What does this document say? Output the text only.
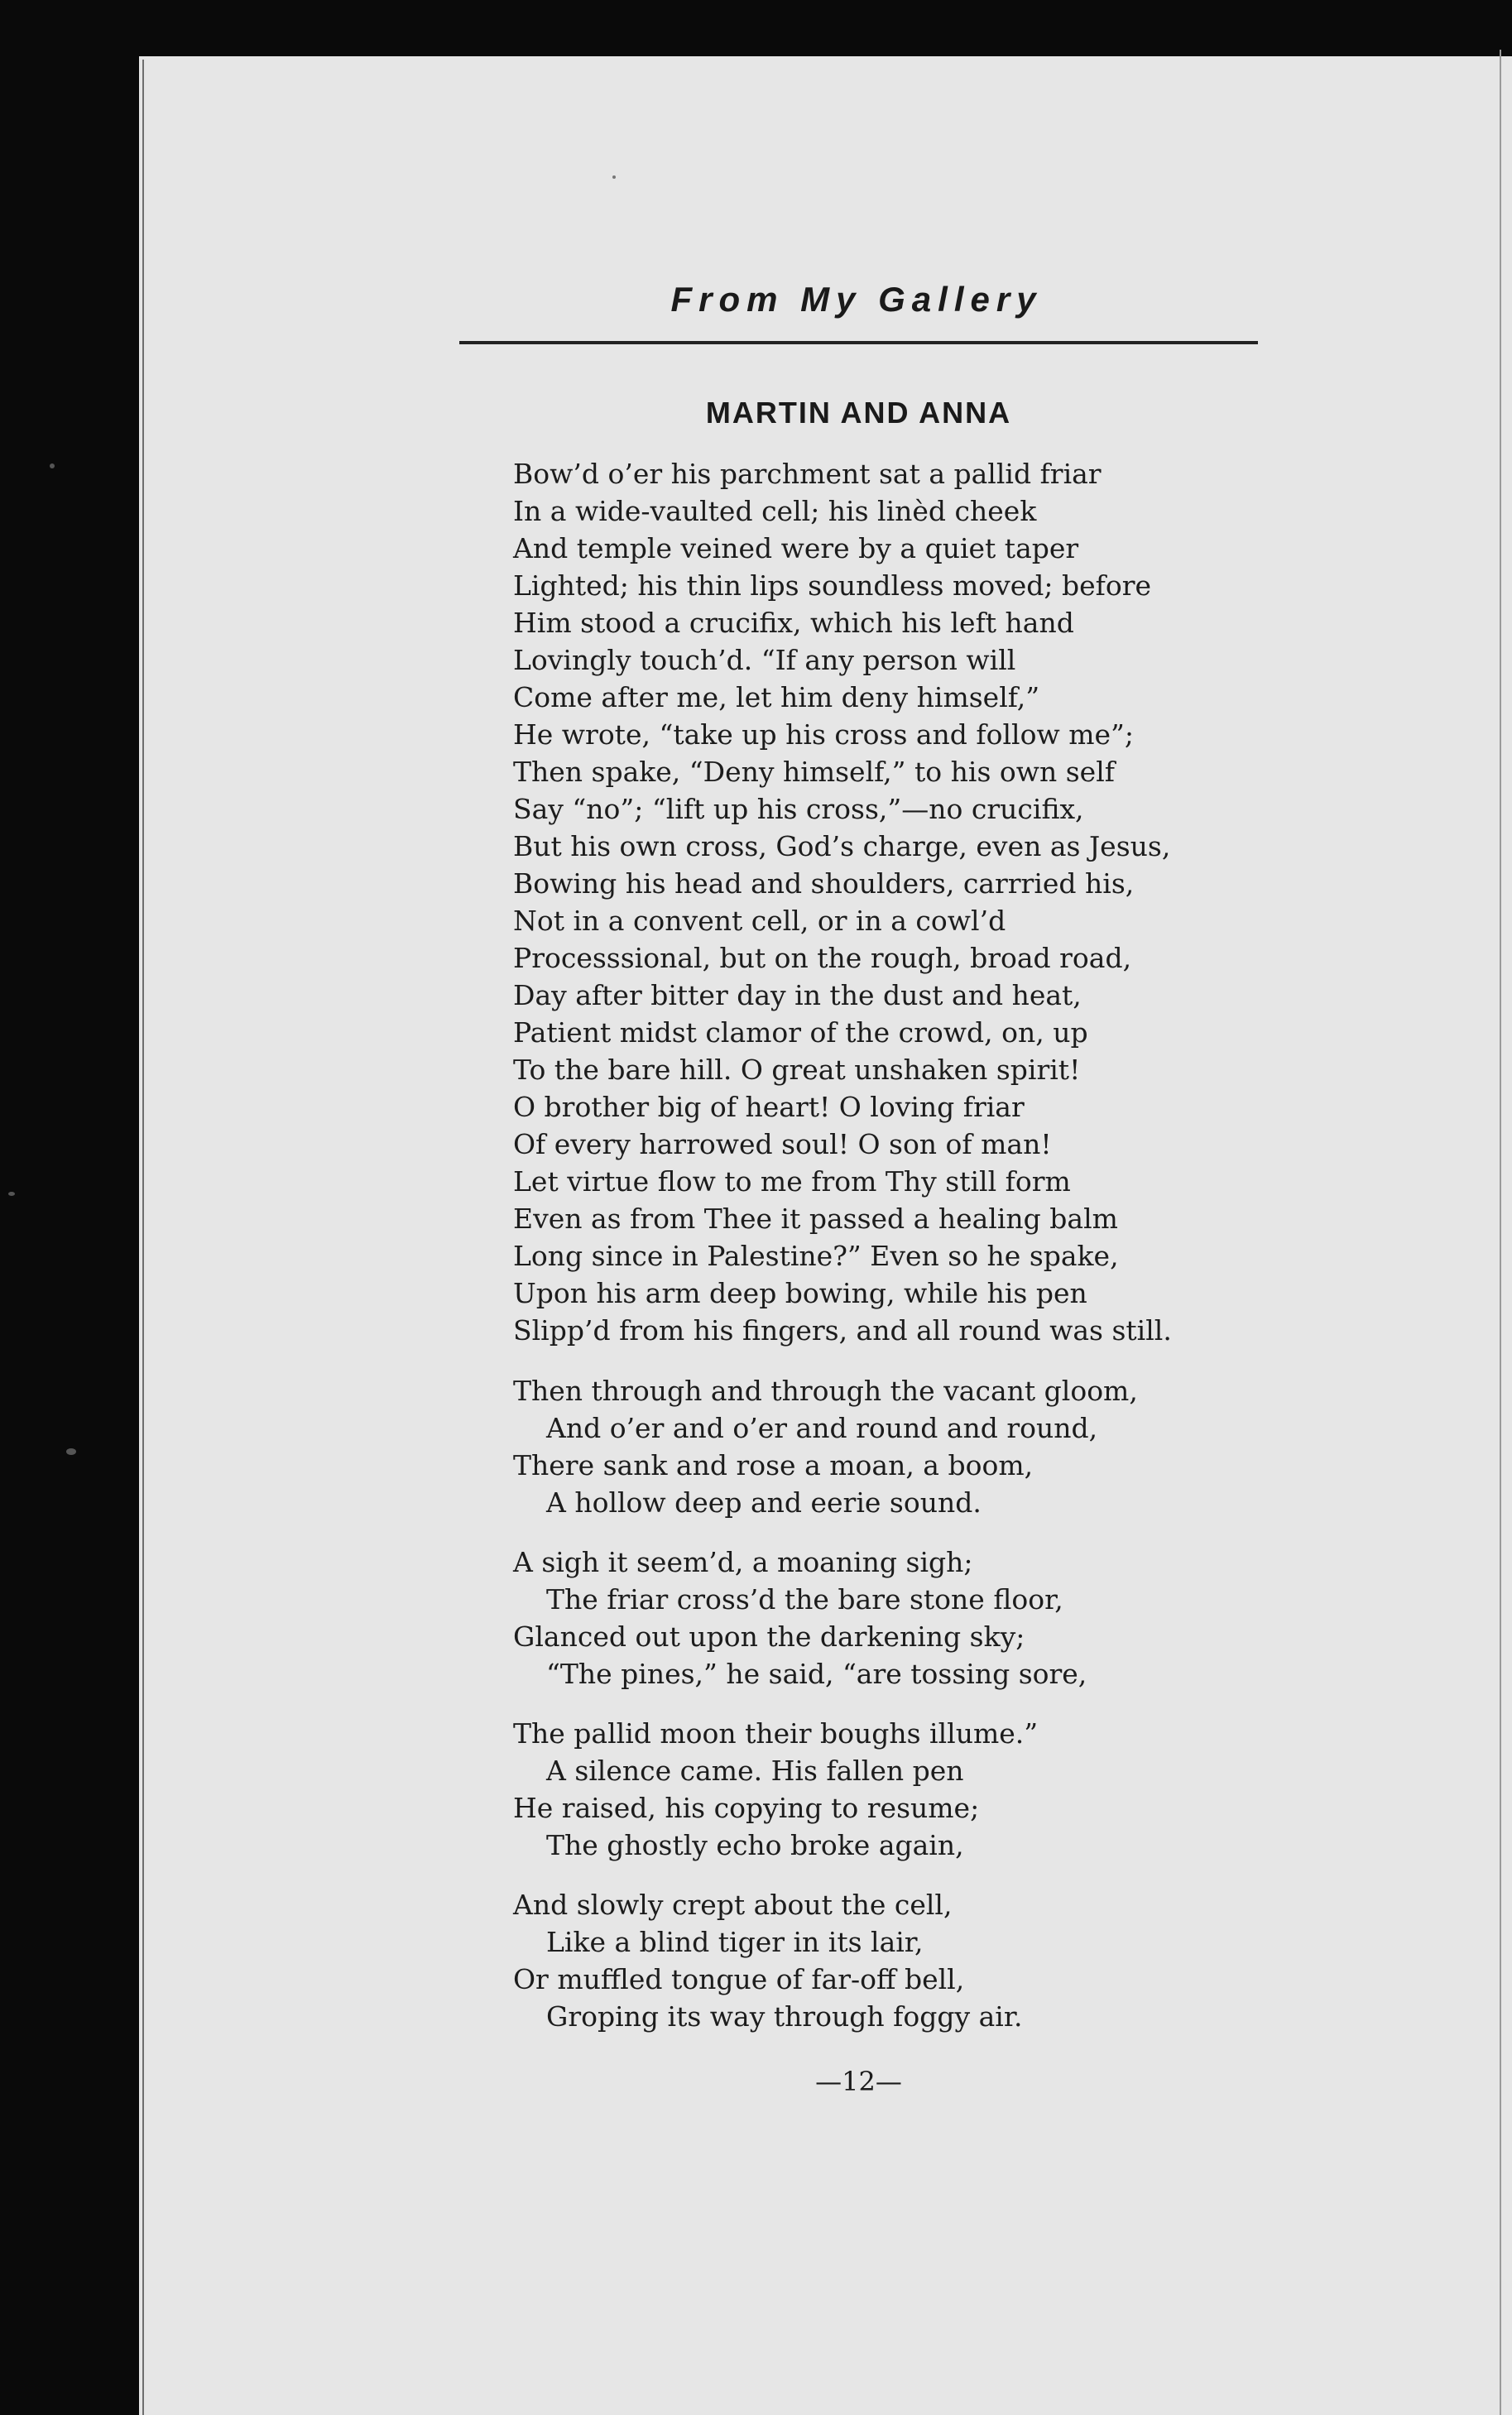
From My Gallery
MARTIN AND ANNA
Bow’d o’er his parchment sat a pallid friar
In a wide-vaulted cell; his linèd cheek
And temple veined were by a quiet taper
Lighted; his thin lips soundless moved; before
Him stood a crucifix, which his left hand
Lovingly touch’d. “If any person will
Come after me, let him deny himself,”
He wrote, “take up his cross and follow me”;
Then spake, “Deny himself,” to his own self
Say “no”; “lift up his cross,”—no crucifix,
But his own cross, God’s charge, even as Jesus,
Bowing his head and shoulders, carrried his,
Not in a convent cell, or in a cowl’d
Processsional, but on the rough, broad road,
Day after bitter day in the dust and heat,
Patient midst clamor of the crowd, on, up
To the bare hill. O great unshaken spirit!
O brother big of heart! O loving friar
Of every harrowed soul! O son of man!
Let virtue flow to me from Thy still form
Even as from Thee it passed a healing balm
Long since in Palestine?” Even so he spake,
Upon his arm deep bowing, while his pen
Slipp’d from his fingers, and all round was still.
Then through and through the vacant gloom,
And o’er and o’er and round and round,
There sank and rose a moan, a boom,
A hollow deep and eerie sound.
A sigh it seem’d, a moaning sigh;
The friar cross’d the bare stone floor,
Glanced out upon the darkening sky;
“The pines,” he said, “are tossing sore,
The pallid moon their boughs illume.”
A silence came. His fallen pen
He raised, his copying to resume;
The ghostly echo broke again,
And slowly crept about the cell,
Like a blind tiger in its lair,
Or muffled tongue of far-off bell,
Groping its way through foggy air.
—12—
